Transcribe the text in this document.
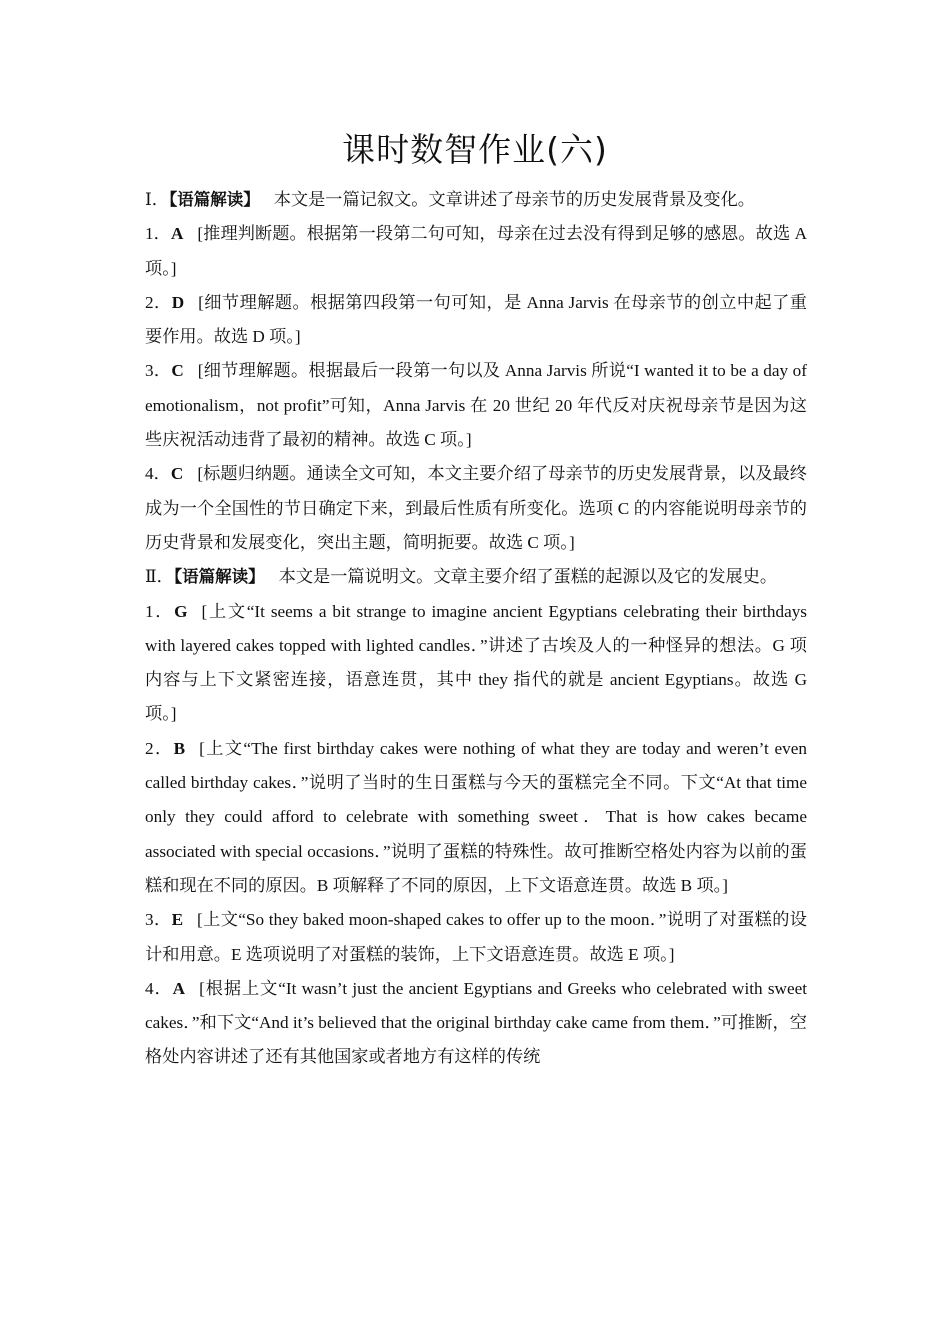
课时数智作业(六)

Ⅰ．【语篇解读】 本文是一篇记叙文。文章讲述了母亲节的历史发展背景及变化。

1．A [推理判断题。根据第一段第二句可知，母亲在过去没有得到足够的感恩。故选 A 项。]

2．D [细节理解题。根据第四段第一句可知，是 Anna Jarvis 在母亲节的创立中起了重要作用。故选 D 项。]

3．C [细节理解题。根据最后一段第一句以及 Anna Jarvis 所说“I wanted it to be a day of emotionalism，not profit”可知，Anna Jarvis 在 20 世纪 20 年代反对庆祝母亲节是因为这些庆祝活动违背了最初的精神。故选 C 项。]

4．C [标题归纳题。通读全文可知，本文主要介绍了母亲节的历史发展背景，以及最终成为一个全国性的节日确定下来，到最后性质有所变化。选项 C 的内容能说明母亲节的历史背景和发展变化，突出主题，简明扼要。故选 C 项。]

Ⅱ．【语篇解读】 本文是一篇说明文。文章主要介绍了蛋糕的起源以及它的发展史。

1．G [上文“It seems a bit strange to imagine ancient Egyptians celebrating their birthdays with layered cakes topped with lighted candles．”讲述了古埃及人的一种怪异的想法。G 项内容与上下文紧密连接，语意连贯，其中 they 指代的就是 ancient Egyptians。故选 G 项。]

2．B [上文“The first birthday cakes were nothing of what they are today and weren’t even called birthday cakes．”说明了当时的生日蛋糕与今天的蛋糕完全不同。下文“At that time only they could afford to celebrate with something sweet．That is how cakes became associated with special occasions．”说明了蛋糕的特殊性。故可推断空格处内容为以前的蛋糕和现在不同的原因。B 项解释了不同的原因，上下文语意连贯。故选 B 项。]

3．E [上文“So they baked moon-shaped cakes to offer up to the moon．”说明了对蛋糕的设计和用意。E 选项说明了对蛋糕的装饰，上下文语意连贯。故选 E 项。]

4．A [根据上文“It wasn’t just the ancient Egyptians and Greeks who celebrated with sweet cakes．”和下文“And it’s believed that the original birthday cake came from them．”可推断，空格处内容讲述了还有其他国家或者地方有这样的传统
